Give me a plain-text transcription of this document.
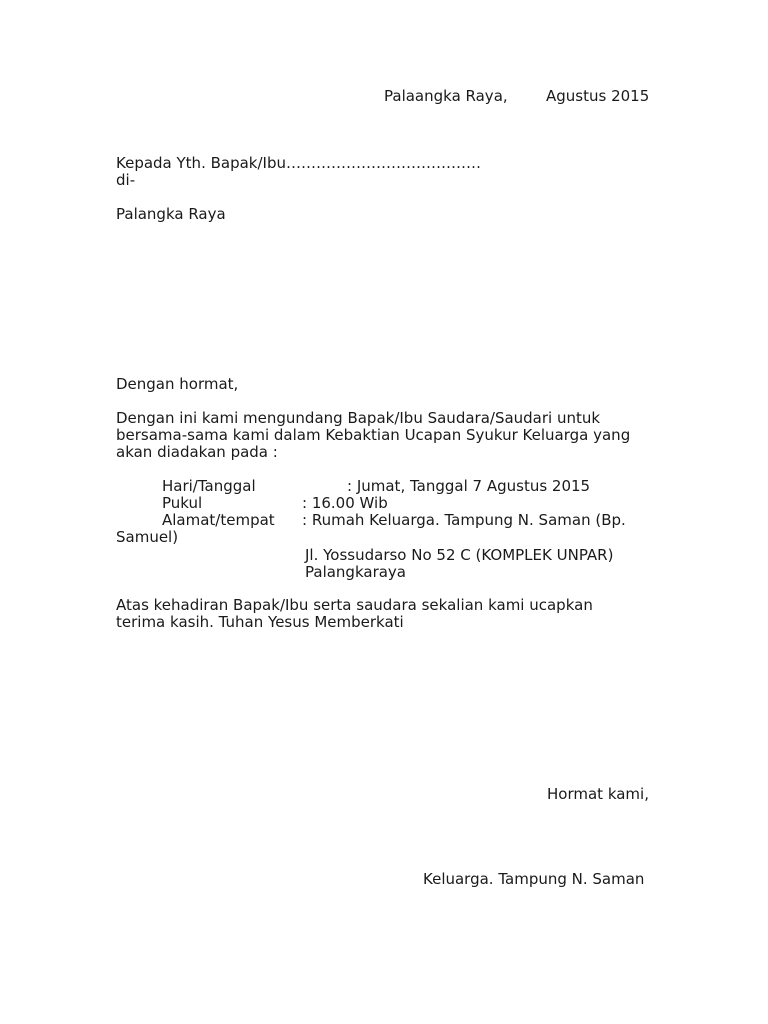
Palaangka Raya,	Agustus 2015
Kepada Yth. Bapak/Ibu…………………………………
di-
Palangka Raya
Dengan hormat,
Dengan ini kami mengundang Bapak/Ibu Saudara/Saudari untuk
bersama-sama kami dalam Kebaktian Ucapan Syukur Keluarga yang
akan diadakan pada :
Hari/Tanggal	: Jumat, Tanggal 7 Agustus 2015
Pukul	: 16.00 Wib
Alamat/tempat : Rumah Keluarga. Tampung N. Saman (Bp.
Samuel)
Jl. Yossudarso No 52 C (KOMPLEK UNPAR)
Palangkaraya
Atas kehadiran Bapak/Ibu serta saudara sekalian kami ucapkan
terima kasih. Tuhan Yesus Memberkati
Hormat kami,
Keluarga. Tampung N. Saman
